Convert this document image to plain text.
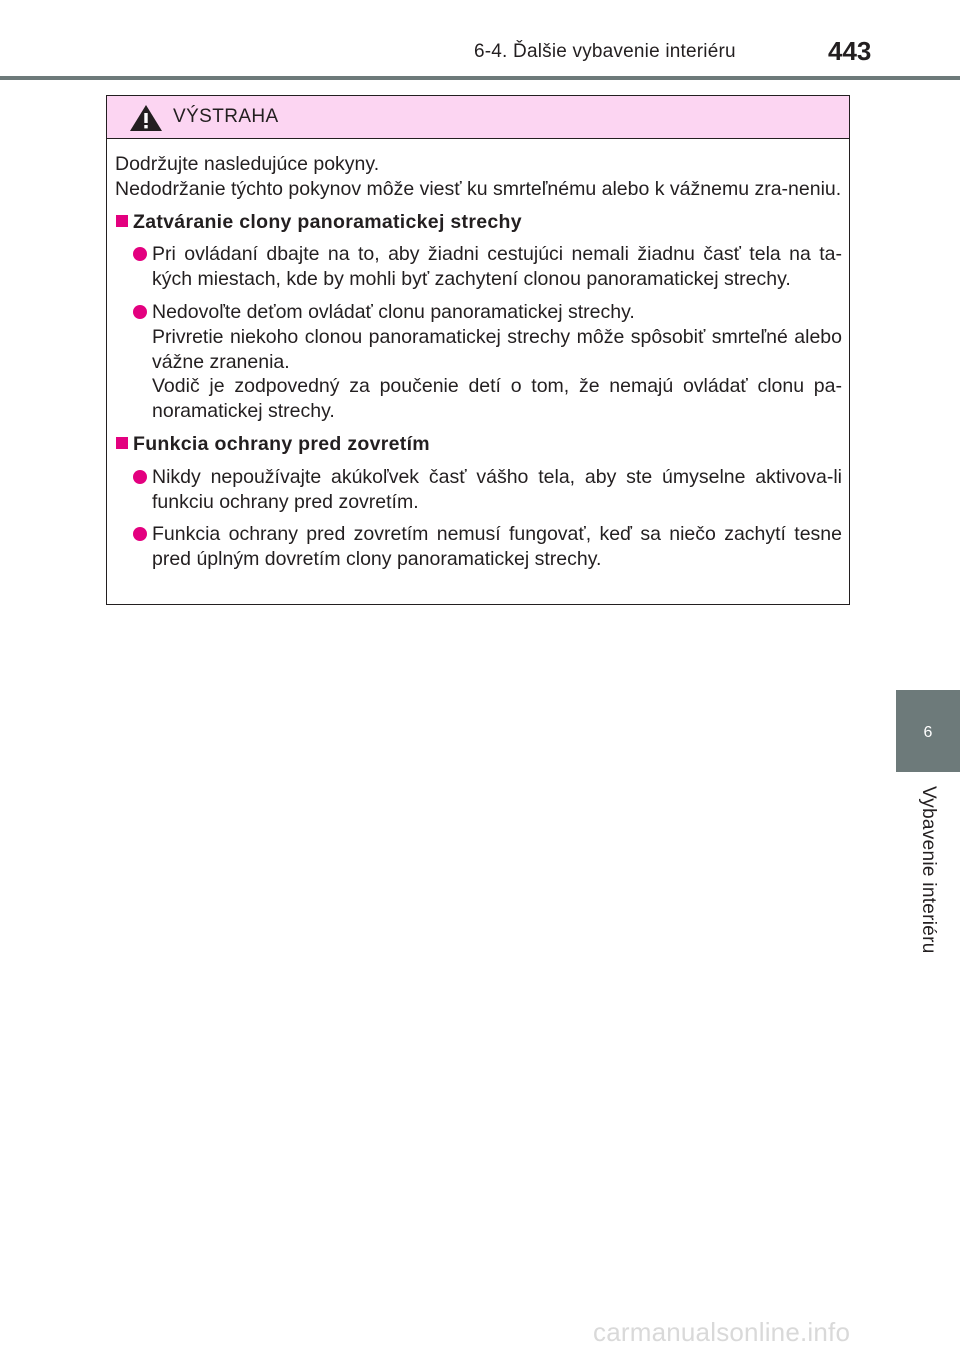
6-4. Ďalšie vybavenie interiéru	443
6
Vybavenie interiéru
VÝSTRAHA

Dodržujte nasledujúce pokyny.

Nedodržanie týchto pokynov môže viesť ku smrteľnému alebo k vážnemu zra-neniu.

Zatváranie clony panoramatickej strechy
Pri ovládaní dbajte na to, aby žiadni cestujúci nemali žiadnu časť tela na ta-kých miestach, kde by mohli byť zachytení clonou panoramatickej strechy.
Nedovoľte deťom ovládať clonu panoramatickej strechy.
Privretie niekoho clonou panoramatickej strechy môže spôsobiť smrteľné alebo vážne zranenia.
Vodič je zodpovedný za poučenie detí o tom, že nemajú ovládať clonu pa-noramatickej strechy.
Funkcia ochrany pred zovretím
Nikdy nepoužívajte akúkoľvek časť vášho tela, aby ste úmyselne aktivova-li funkciu ochrany pred zovretím.
Funkcia ochrany pred zovretím nemusí fungovať, keď sa niečo zachytí tesne pred úplným dovretím clony panoramatickej strechy.
carmanualsonline.info
